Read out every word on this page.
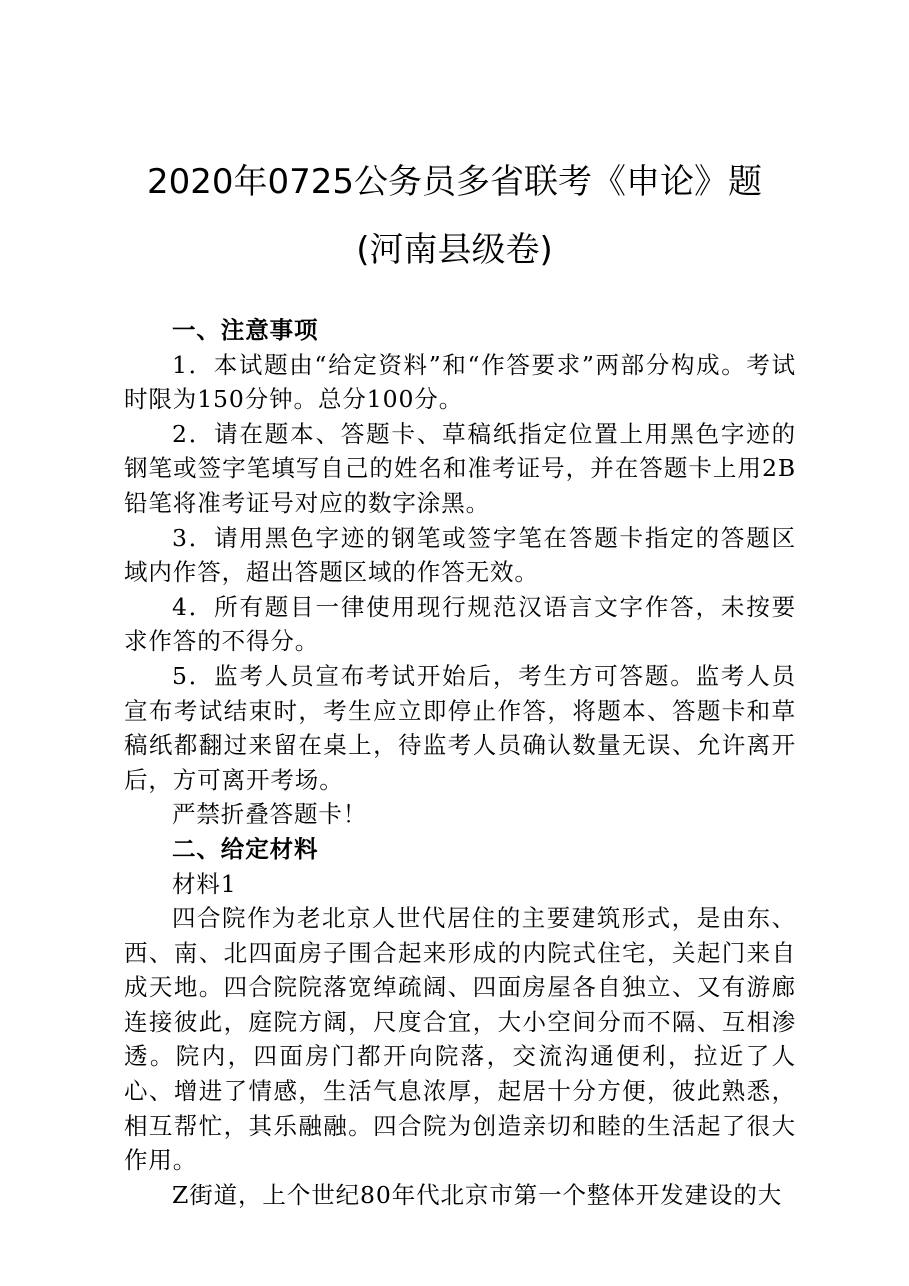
2020年0725公务员多省联考《申论》题
(河南县级卷)

一、注意事项

1．本试题由“给定资料”和“作答要求”两部分构成。考试时限为150分钟。总分100分。

2．请在题本、答题卡、草稿纸指定位置上用黑色字迹的钢笔或签字笔填写自己的姓名和准考证号，并在答题卡上用2B铅笔将准考证号对应的数字涂黑。

3．请用黑色字迹的钢笔或签字笔在答题卡指定的答题区域内作答，超出答题区域的作答无效。

4．所有题目一律使用现行规范汉语言文字作答，未按要求作答的不得分。

5．监考人员宣布考试开始后，考生方可答题。监考人员宣布考试结束时，考生应立即停止作答，将题本、答题卡和草稿纸都翻过来留在桌上，待监考人员确认数量无误、允许离开后，方可离开考场。

严禁折叠答题卡！

二、给定材料

材料1

四合院作为老北京人世代居住的主要建筑形式，是由东、西、南、北四面房子围合起来形成的内院式住宅，关起门来自成天地。四合院院落宽绰疏阔、四面房屋各自独立、又有游廊连接彼此，庭院方阔，尺度合宜，大小空间分而不隔、互相渗透。院内，四面房门都开向院落，交流沟通便利，拉近了人心、增进了情感，生活气息浓厚，起居十分方便，彼此熟悉，相互帮忙，其乐融融。四合院为创造亲切和睦的生活起了很大作用。

Z街道，上个世纪80年代北京市第一个整体开发建设的大
